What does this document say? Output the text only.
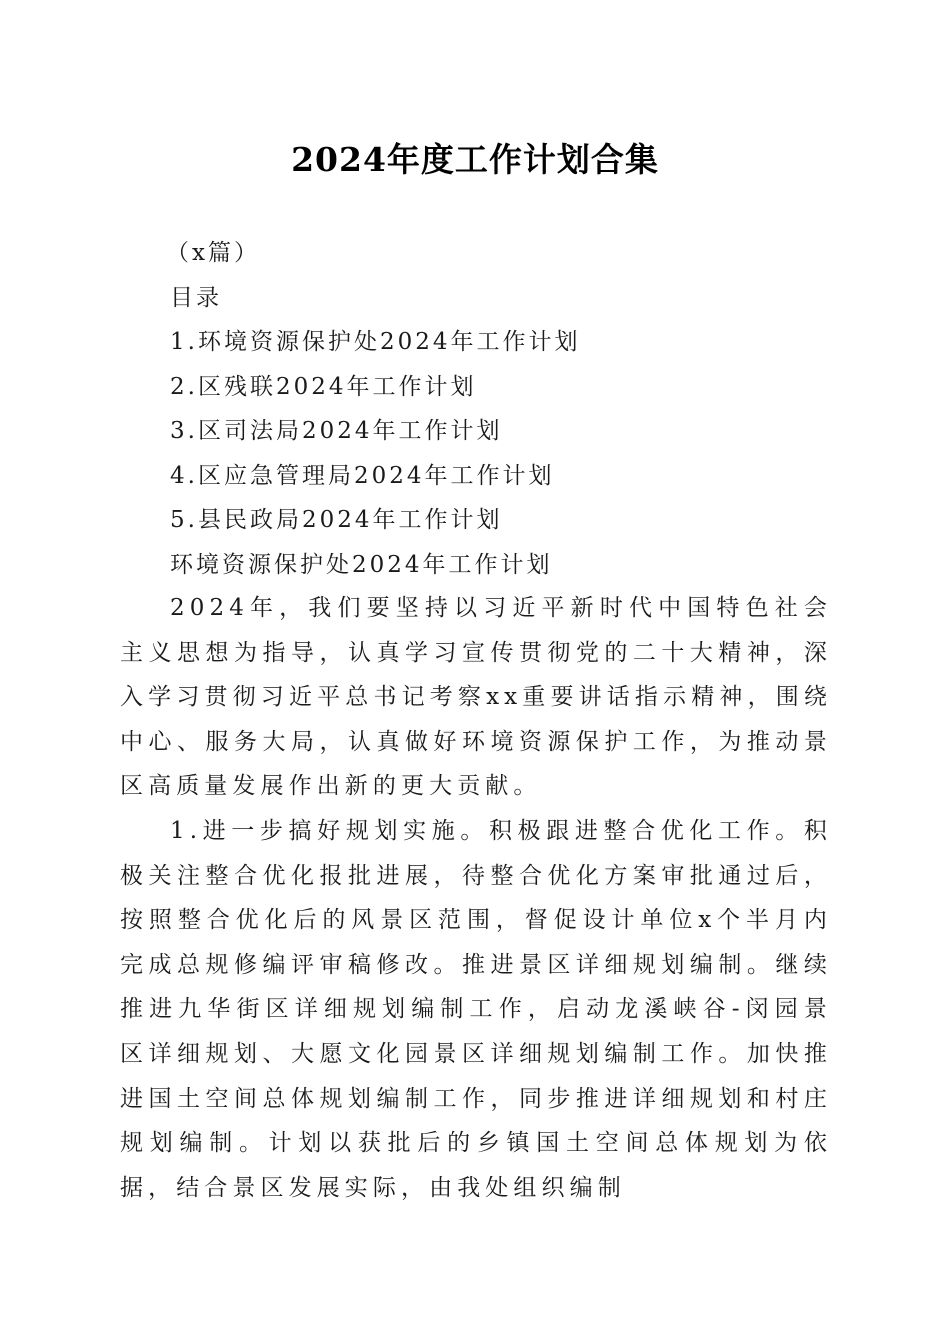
2024年度工作计划合集
（x篇）
目录
1.环境资源保护处2024年工作计划
2.区残联2024年工作计划
3.区司法局2024年工作计划
4.区应急管理局2024年工作计划
5.县民政局2024年工作计划
环境资源保护处2024年工作计划

2024年，我们要坚持以习近平新时代中国特色社会主义思想为指导，认真学习宣传贯彻党的二十大精神，深入学习贯彻习近平总书记考察xx重要讲话指示精神，围绕中心、服务大局，认真做好环境资源保护工作，为推动景区高质量发展作出新的更大贡献。

1.进一步搞好规划实施。积极跟进整合优化工作。积极关注整合优化报批进展，待整合优化方案审批通过后，按照整合优化后的风景区范围，督促设计单位x个半月内完成总规修编评审稿修改。推进景区详细规划编制。继续推进九华街区详细规划编制工作，启动龙溪峡谷-闵园景区详细规划、大愿文化园景区详细规划编制工作。加快推进国土空间总体规划编制工作，同步推进详细规划和村庄规划编制。计划以获批后的乡镇国土空间总体规划为依据，结合景区发展实际，由我处组织编制
